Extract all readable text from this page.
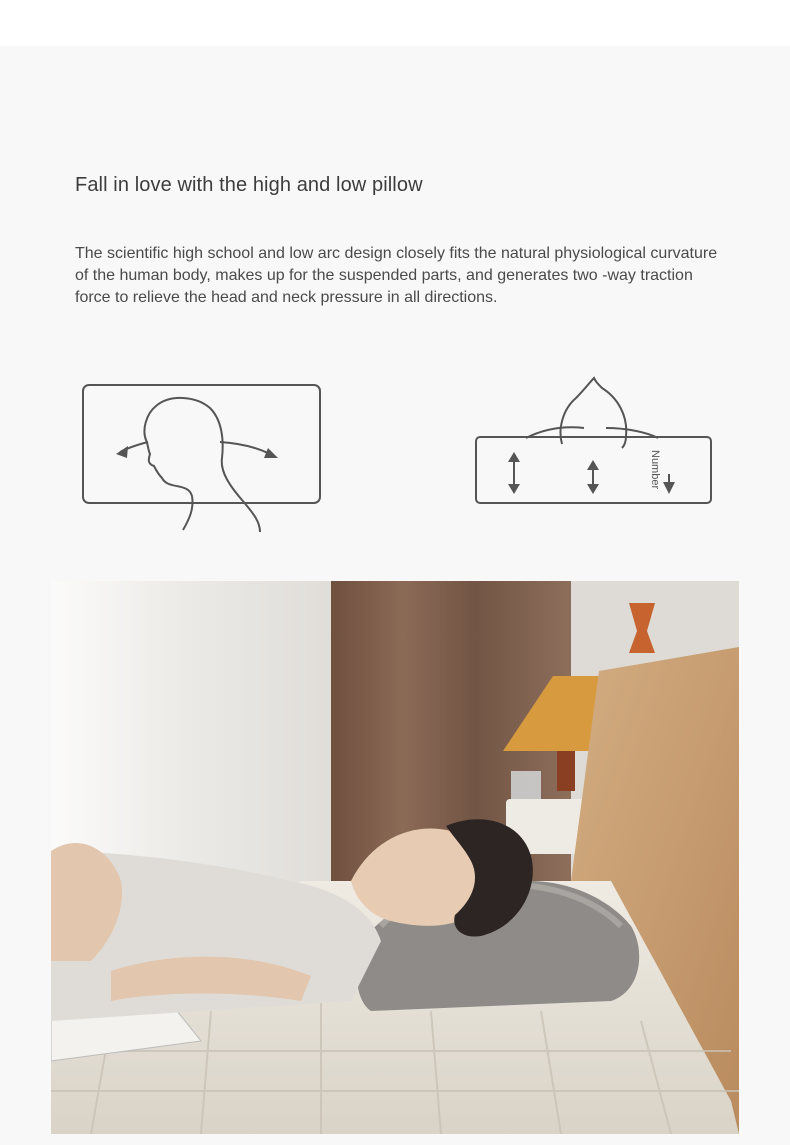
Fall in love with the high and low pillow

The scientific high school and low arc design closely fits the natural physiological curvature of the human body, makes up for the suspended parts, and generates two -way traction force to relieve the head and neck pressure in all directions.

Number
